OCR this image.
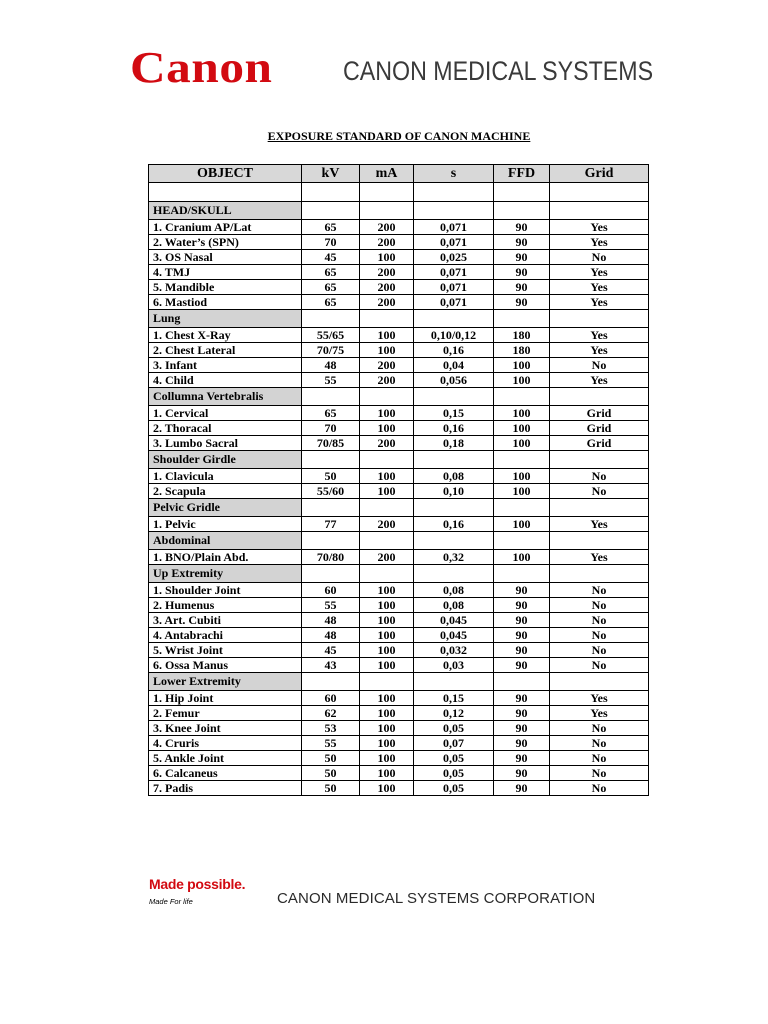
Canon	CANON MEDICAL SYSTEMS
EXPOSURE STANDARD OF CANON MACHINE
OBJECT	kV	mA	s	FFD	Grid

HEAD/SKULL					
1. Cranium AP/Lat	65	200	0,071	90	Yes
2. Water’s (SPN)	70	200	0,071	90	Yes
3. OS Nasal	45	100	0,025	90	No
4. TMJ	65	200	0,071	90	Yes
5. Mandible	65	200	0,071	90	Yes
6. Mastiod	65	200	0,071	90	Yes
Lung					
1. Chest X-Ray	55/65	100	0,10/0,12	180	Yes
2. Chest Lateral	70/75	100	0,16	180	Yes
3. Infant	48	200	0,04	100	No
4. Child	55	200	0,056	100	Yes
Collumna Vertebralis					
1. Cervical	65	100	0,15	100	Grid
2. Thoracal	70	100	0,16	100	Grid
3. Lumbo Sacral	70/85	200	0,18	100	Grid
Shoulder Girdle					
1. Clavicula	50	100	0,08	100	No
2. Scapula	55/60	100	0,10	100	No
Pelvic Gridle					
1. Pelvic	77	200	0,16	100	Yes
Abdominal					
1. BNO/Plain Abd.	70/80	200	0,32	100	Yes
Up Extremity					
1. Shoulder Joint	60	100	0,08	90	No
2. Humenus	55	100	0,08	90	No
3. Art. Cubiti	48	100	0,045	90	No
4. Antabrachi	48	100	0,045	90	No
5. Wrist Joint	45	100	0,032	90	No
6. Ossa Manus	43	100	0,03	90	No
Lower Extremity					
1. Hip Joint	60	100	0,15	90	Yes
2. Femur	62	100	0,12	90	Yes
3. Knee Joint	53	100	0,05	90	No
4. Cruris	55	100	0,07	90	No
5. Ankle Joint	50	100	0,05	90	No
6. Calcaneus	50	100	0,05	90	No
7. Padis	50	100	0,05	90	No
Made possible.
Made For life	CANON MEDICAL SYSTEMS CORPORATION
